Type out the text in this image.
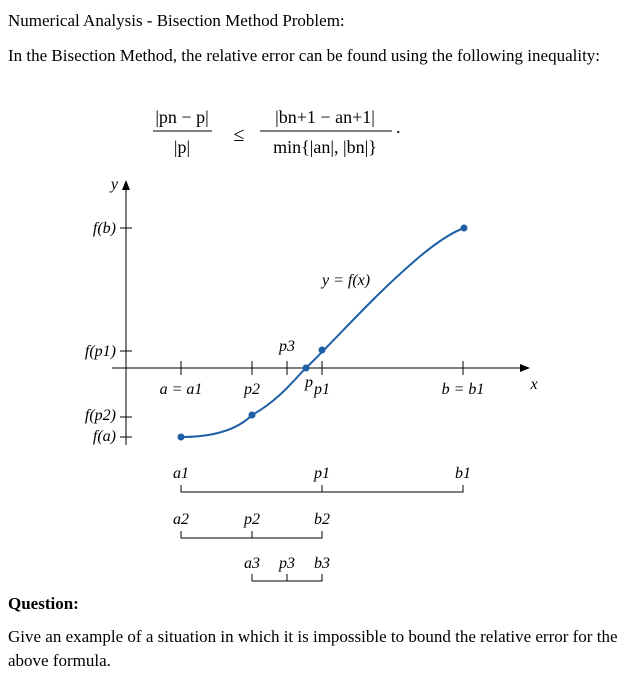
Numerical Analysis - Bisection Method Problem:
In the Bisection Method, the relative error can be found using the following inequality:
|pn − p|
|p|
≤
|bn+1 − an+1|
min{|an|, |bn|}
.
y
x
f(b)
f(p1)
f(p2)
f(a)
a = a1	p2	p1	b = b1
p3
p
y = f(x)
a1	p1	b1
a2	p2	b2
a3 p3 b3
Question:
Give an example of a situation in which it is impossible to bound the relative error for the above formula.
